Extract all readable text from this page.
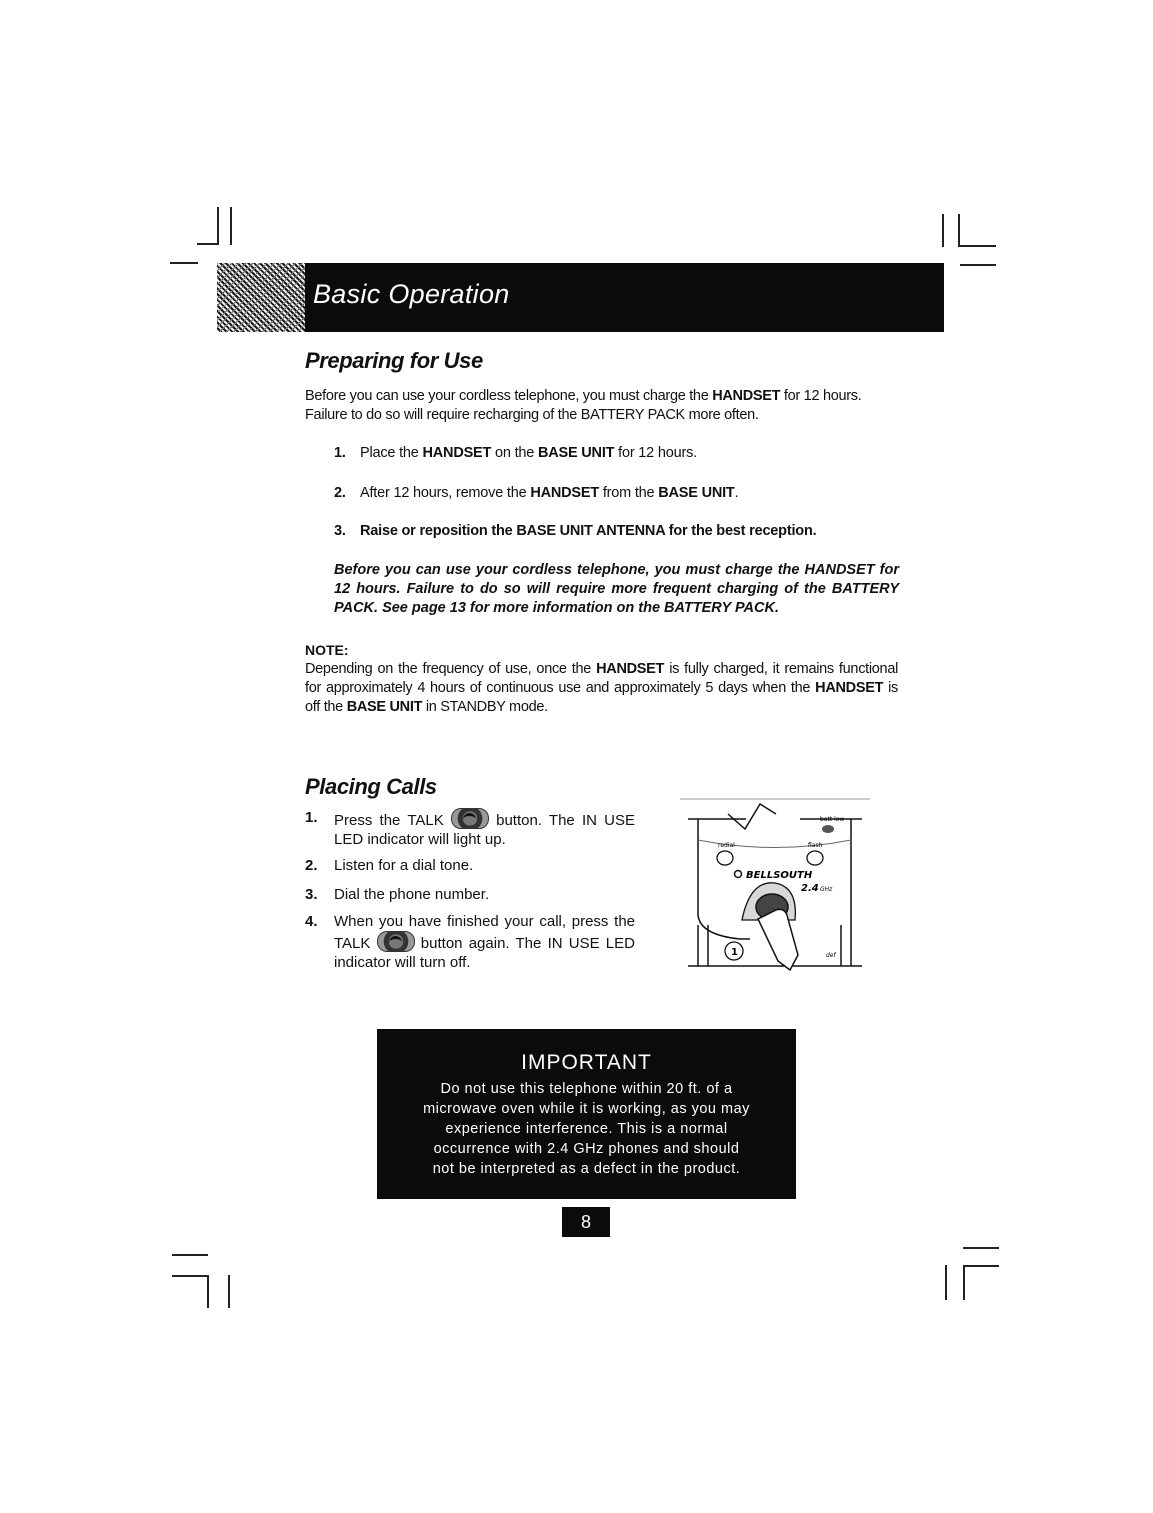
Basic Operation
Preparing for Use
Before you can use your cordless telephone, you must charge the HANDSET for 12 hours.
Failure to do so will require recharging of the BATTERY PACK more often.
1. Place the HANDSET on the BASE UNIT for 12 hours.
2. After 12 hours, remove the HANDSET from the BASE UNIT.
3. Raise or reposition the BASE UNIT ANTENNA for the best reception.
Before you can use your cordless telephone, you must charge the HANDSET for 12 hours. Failure to do so will require more frequent charging of the BATTERY PACK. See page 13 for more information on the BATTERY PACK.
NOTE:
Depending on the frequency of use, once the HANDSET is fully charged, it remains functional for approximately 4 hours of continuous use and approximately 5 days when the HANDSET is off the BASE UNIT in STANDBY mode.
Placing Calls
1. Press the TALK	button. The IN USE LED indicator will light up.
2. Listen for a dial tone.
3. Dial the phone number.
4. When you have finished your call, press the TALK	button again. The IN USE LED indicator will turn off.
batt low
redial	flash
BELLSOUTH
2.4 GHz
1	def
IMPORTANT
Do not use this telephone within 20 ft. of a
microwave oven while it is working, as you may
experience interference. This is a normal
occurrence with 2.4 GHz phones and should
not be interpreted as a defect in the product.
8
